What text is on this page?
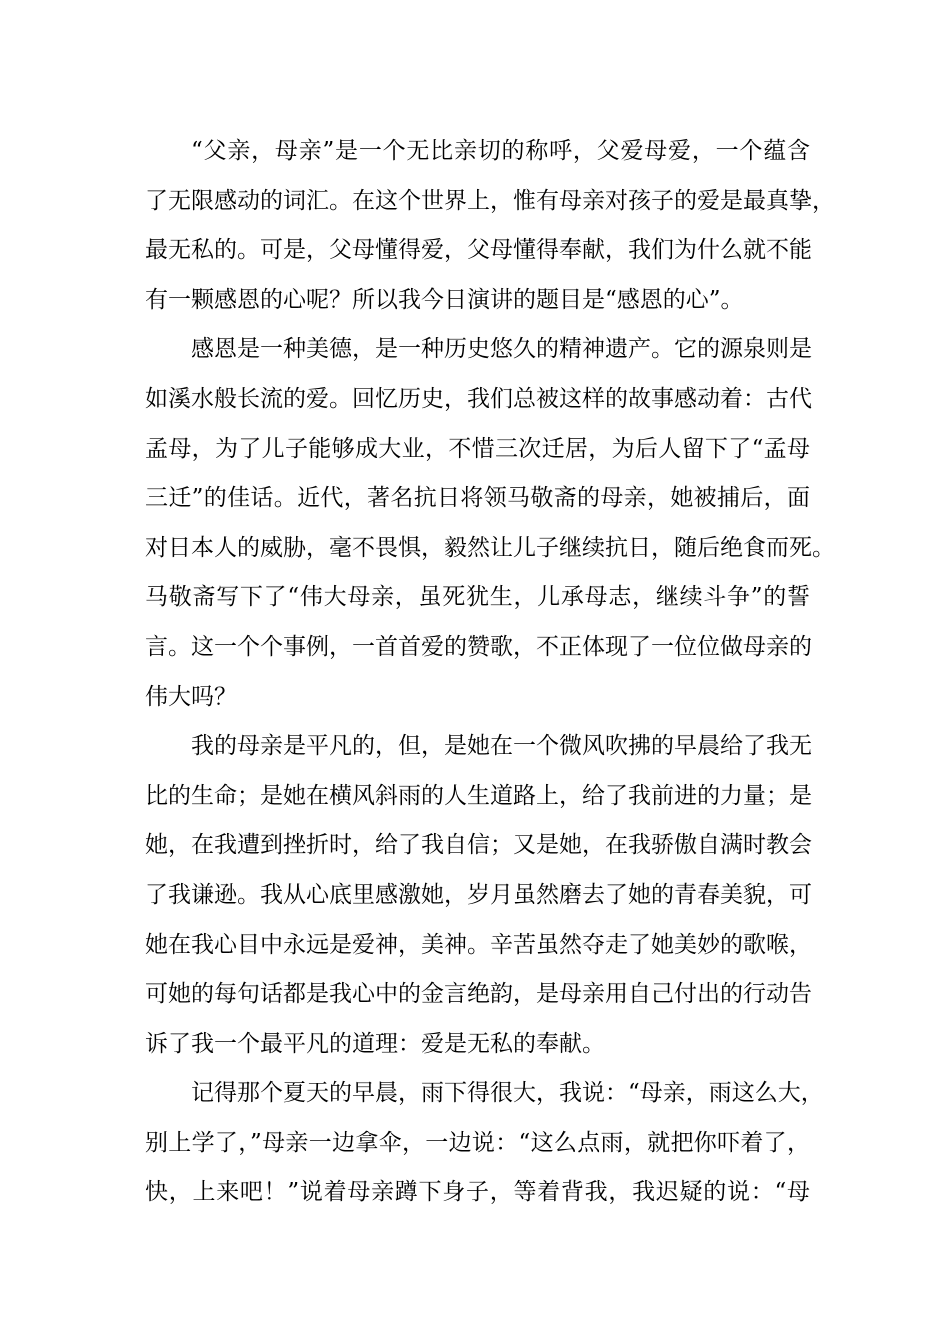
“父亲，母亲”是一个无比亲切的称呼，父爱母爱，一个蕴含
了无限感动的词汇。在这个世界上，惟有母亲对孩子的爱是最真挚，
最无私的。可是，父母懂得爱，父母懂得奉献，我们为什么就不能
有一颗感恩的心呢？所以我今日演讲的题目是“感恩的心”。
感恩是一种美德，是一种历史悠久的精神遗产。它的源泉则是
如溪水般长流的爱。回忆历史，我们总被这样的故事感动着：古代
孟母，为了儿子能够成大业，不惜三次迁居，为后人留下了“孟母
三迁”的佳话。近代，著名抗日将领马敬斋的母亲，她被捕后，面
对日本人的威胁，毫不畏惧，毅然让儿子继续抗日，随后绝食而死。
马敬斋写下了“伟大母亲，虽死犹生，儿承母志，继续斗争”的誓
言。这一个个事例，一首首爱的赞歌，不正体现了一位位做母亲的
伟大吗？
我的母亲是平凡的，但，是她在一个微风吹拂的早晨给了我无
比的生命；是她在横风斜雨的人生道路上，给了我前进的力量；是
她，在我遭到挫折时，给了我自信；又是她，在我骄傲自满时教会
了我谦逊。我从心底里感激她，岁月虽然磨去了她的青春美貌，可
她在我心目中永远是爱神，美神。辛苦虽然夺走了她美妙的歌喉，
可她的每句话都是我心中的金言绝韵，是母亲用自己付出的行动告
诉了我一个最平凡的道理：爱是无私的奉献。
记得那个夏天的早晨，雨下得很大，我说：“母亲，雨这么大，
别上学了，”母亲一边拿伞，一边说：“这么点雨，就把你吓着了，
快，上来吧！”说着母亲蹲下身子，等着背我，我迟疑的说：“母
